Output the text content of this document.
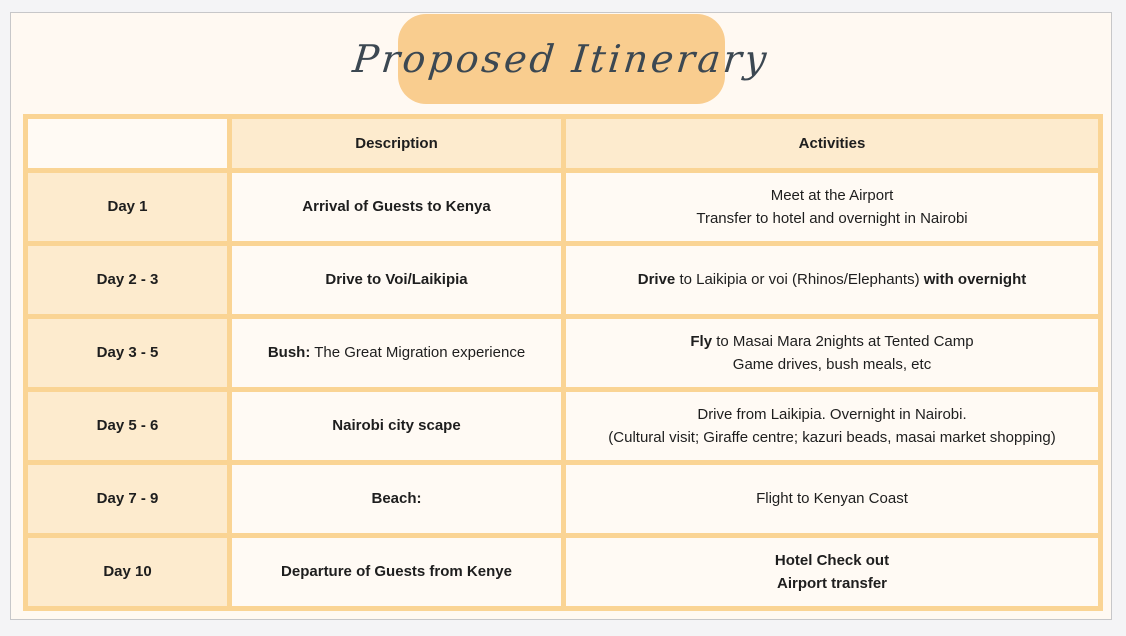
Proposed Itinerary
	Description	Activities
Day 1	Arrival of Guests to Kenya	Meet at the Airport
Transfer to hotel and overnight in Nairobi

Day 2 - 3	Drive to Voi/Laikipia	Drive to Laikipia or voi (Rhinos/Elephants) with overnight

Day 3 - 5	Bush: The Great Migration experience	Fly to Masai Mara 2nights at Tented Camp
Game drives, bush meals, etc

Day 5 - 6	Nairobi city scape	Drive from Laikipia. Overnight in Nairobi.
(Cultural visit; Giraffe centre; kazuri beads, masai market shopping)

Day 7 - 9	Beach:	Flight to Kenyan Coast

Day 10	Departure of Guests from Kenye	Hotel Check out
Airport transfer
